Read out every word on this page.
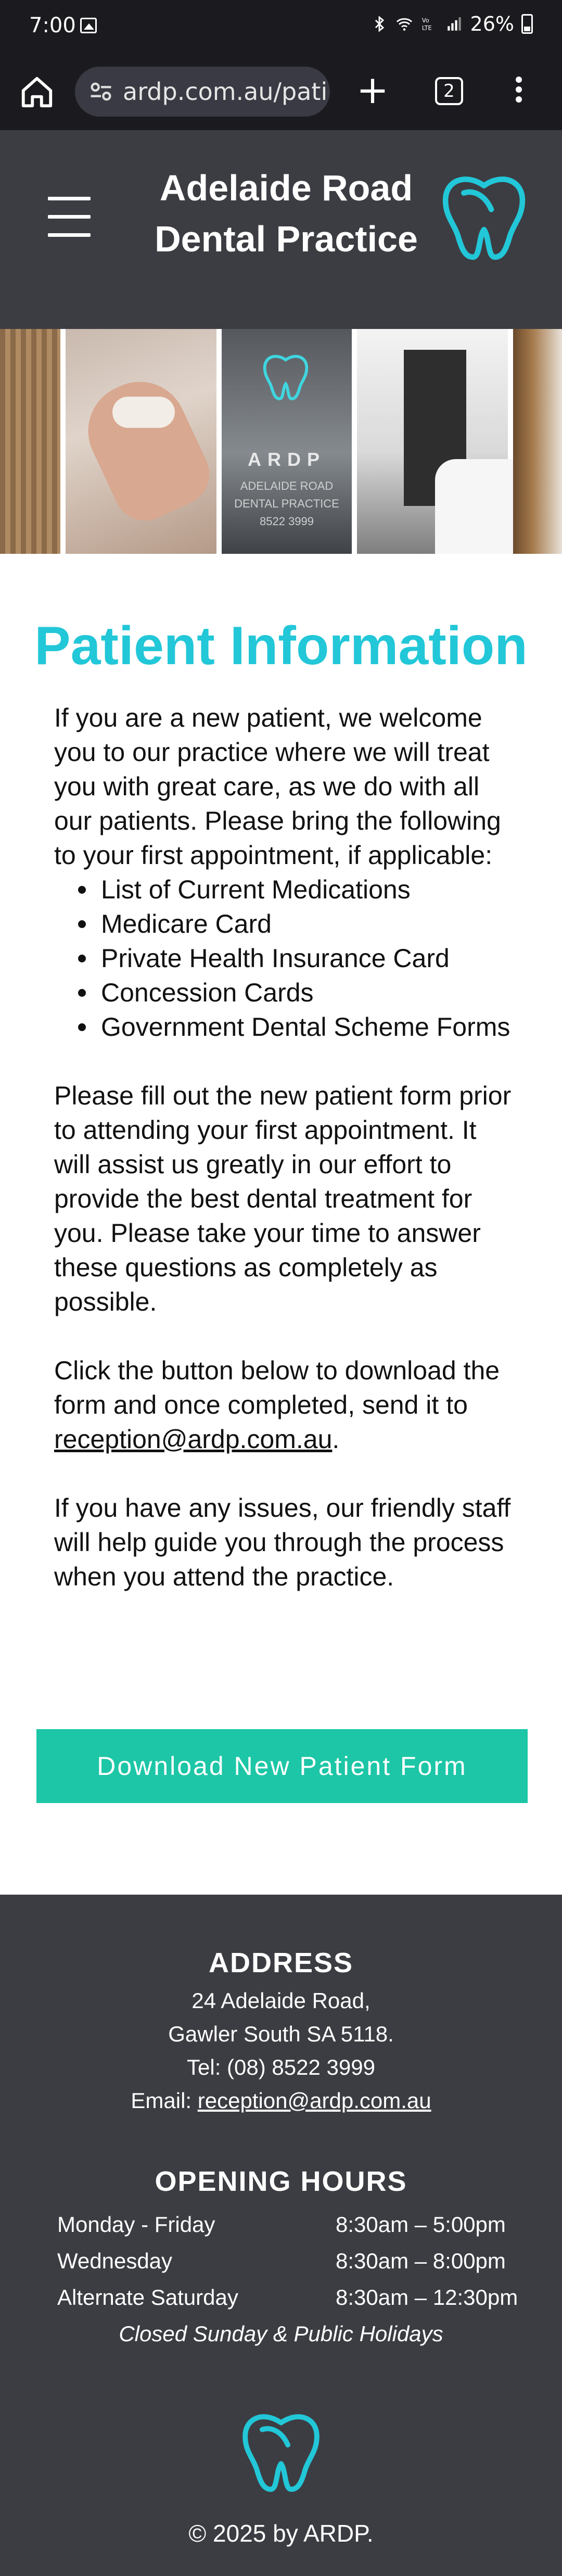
7:00	Vo
LTE 26%
ardp.com.au/pati +	2
Adelaide Road
Dental Practice
ARDP
ADELAIDE ROAD
DENTAL PRACTICE
8522 3999
Patient Information

If you are a new patient, we welcome you to our practice where we will treat you with great care, as we do with all our patients. Please bring the following to your first appointment, if applicable:

List of Current Medications
Medicare Card
Private Health Insurance Card
Concession Cards
Government Dental Scheme Forms

Please fill out the new patient form prior to attending your first appointment. It will assist us greatly in our effort to provide the best dental treatment for you. Please take your time to answer these questions as completely as possible.

Click the button below to download the form and once completed, send it to reception@ardp.com.au.

If you have any issues, our friendly staff will help guide you through the process when you attend the practice.

Download New Patient Form
ADDRESS
24 Adelaide Road,
Gawler South SA 5118.
Tel: (08) 8522 3999
Email: reception@ardp.com.au
OPENING HOURS
Monday - Friday	8:30am – 5:00pm
Wednesday	8:30am – 8:00pm
Alternate Saturday	8:30am – 12:30pm
Closed Sunday & Public Holidays
© 2025 by ARDP.
